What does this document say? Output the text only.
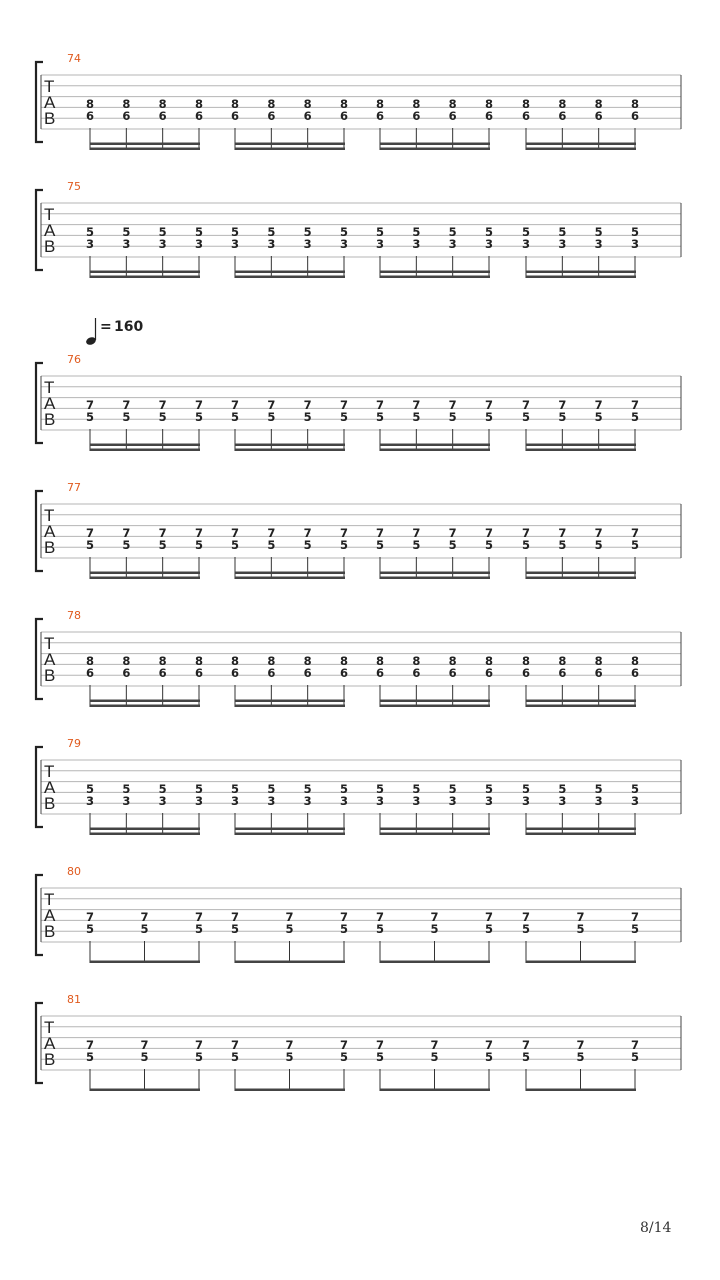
74
T
A
B
8
6
8
6
8
6
8
6
8
6
8
6
8
6
8
6
8
6
8
6
8
6
8
6
8
6
8
6
8
6
8
6
75
T
A
B
5
3
5
3
5
3
5
3
5
3
5
3
5
3
5
3
5
3
5
3
5
3
5
3
5
3
5
3
5
3
5
3
76
T
A
B
7
5
7
5
7
5
7
5
7
5
7
5
7
5
7
5
7
5
7
5
7
5
7
5
7
5
7
5
7
5
7
5
77
T
A
B
7
5
7
5
7
5
7
5
7
5
7
5
7
5
7
5
7
5
7
5
7
5
7
5
7
5
7
5
7
5
7
5
78
T
A
B
8
6
8
6
8
6
8
6
8
6
8
6
8
6
8
6
8
6
8
6
8
6
8
6
8
6
8
6
8
6
8
6
79
T
A
B
5
3
5
3
5
3
5
3
5
3
5
3
5
3
5
3
5
3
5
3
5
3
5
3
5
3
5
3
5
3
5
3
80
T
A
B
7
5
7
5
7
5
7
5
7
5
7
5
7
5
7
5
7
5
7
5
7
5
7
5
81
T
A
B
7
5
7
5
7
5
7
5
7
5
7
5
7
5
7
5
7
5
7
5
7
5
7
5
= 160
8/14
